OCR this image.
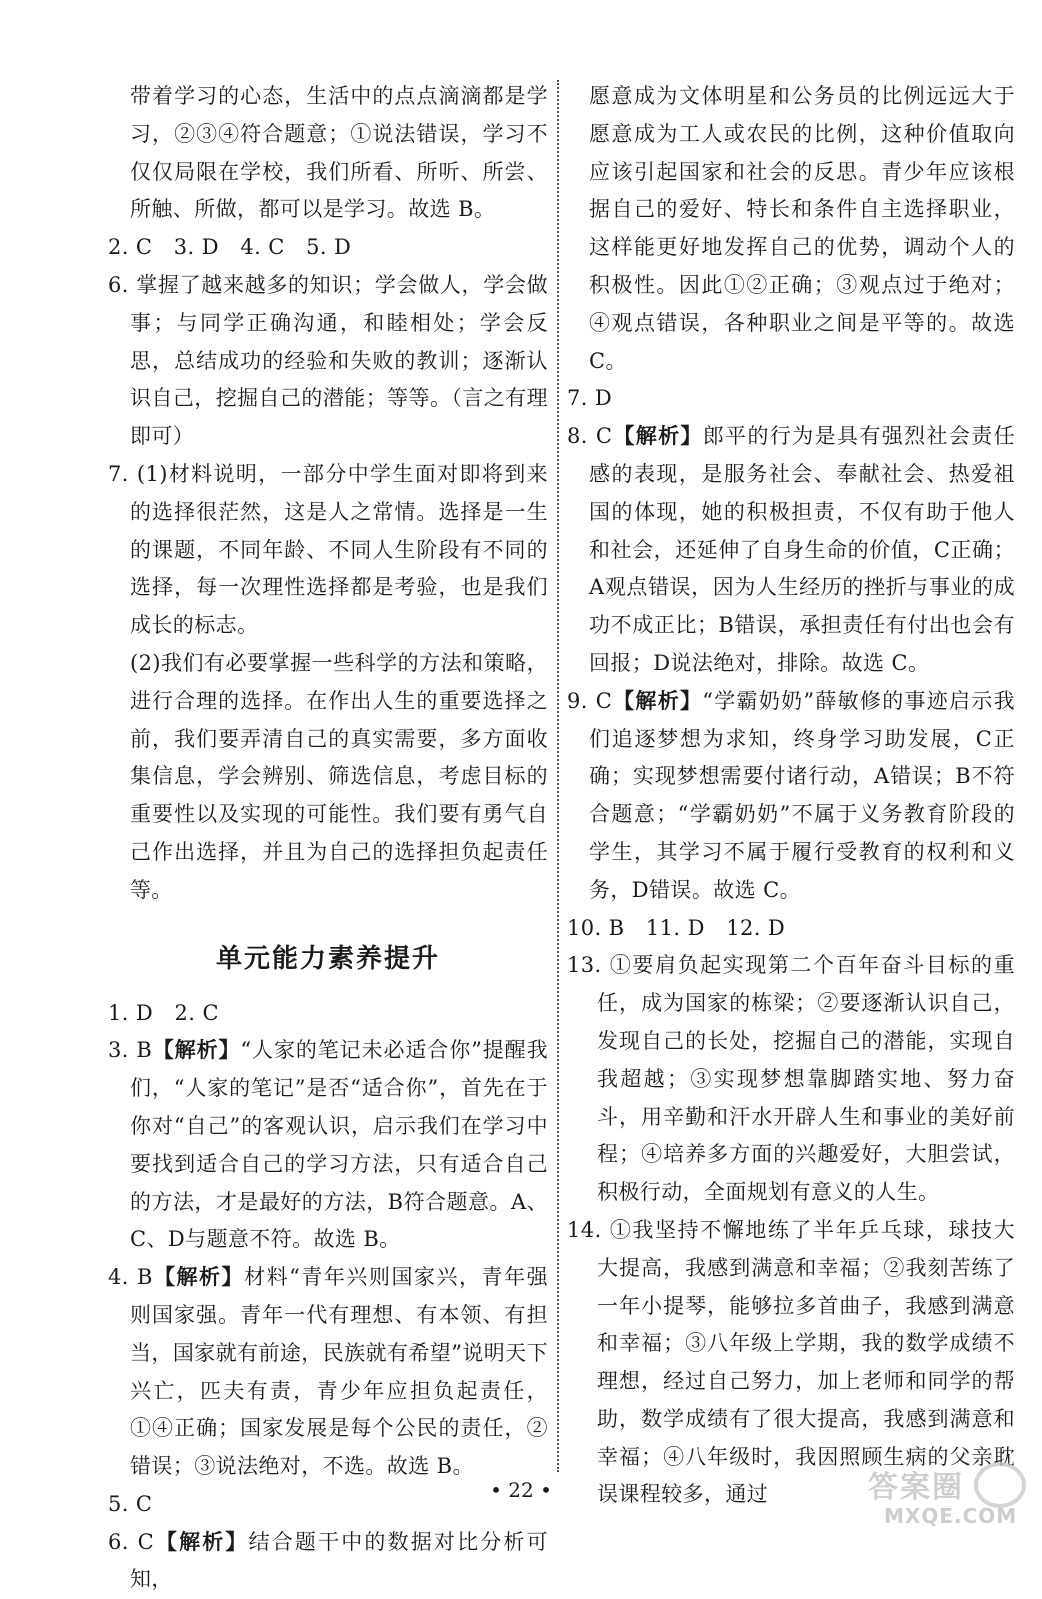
带着学习的心态，生活中的点点滴滴都是学习，②③④符合题意；①说法错误，学习不仅仅局限在学校，我们所看、所听、所尝、所触、所做，都可以是学习。故选 B。

2. C　3. D　4. C　5. D

6. 掌握了越来越多的知识；学会做人，学会做事；与同学正确沟通，和睦相处；学会反思，总结成功的经验和失败的教训；逐渐认识自己，挖掘自己的潜能；等等。（言之有理即可）

7. (1)材料说明，一部分中学生面对即将到来的选择很茫然，这是人之常情。选择是一生的课题，不同年龄、不同人生阶段有不同的选择，每一次理性选择都是考验，也是我们成长的标志。

(2)我们有必要掌握一些科学的方法和策略，进行合理的选择。在作出人生的重要选择之前，我们要弄清自己的真实需要，多方面收集信息，学会辨别、筛选信息，考虑目标的重要性以及实现的可能性。我们要有勇气自己作出选择，并且为自己的选择担负起责任等。

单元能力素养提升

1. D　2. C

3. B【解析】“人家的笔记未必适合你”提醒我们，“人家的笔记”是否“适合你”，首先在于你对“自己”的客观认识，启示我们在学习中要找到适合自己的学习方法，只有适合自己的方法，才是最好的方法，B符合题意。A、C、D与题意不符。故选 B。

4. B【解析】材料“青年兴则国家兴，青年强则国家强。青年一代有理想、有本领、有担当，国家就有前途，民族就有希望”说明天下兴亡，匹夫有责，青少年应担负起责任，①④正确；国家发展是每个公民的责任，②错误；③说法绝对，不选。故选 B。

5. C

6. C【解析】结合题干中的数据对比分析可知，

愿意成为文体明星和公务员的比例远远大于愿意成为工人或农民的比例，这种价值取向应该引起国家和社会的反思。青少年应该根据自己的爱好、特长和条件自主选择职业，这样能更好地发挥自己的优势，调动个人的积极性。因此①②正确；③观点过于绝对；④观点错误，各种职业之间是平等的。故选 C。

7. D

8. C【解析】郎平的行为是具有强烈社会责任感的表现，是服务社会、奉献社会、热爱祖国的体现，她的积极担责，不仅有助于他人和社会，还延伸了自身生命的价值，C正确；A观点错误，因为人生经历的挫折与事业的成功不成正比；B错误，承担责任有付出也会有回报；D说法绝对，排除。故选 C。

9. C【解析】“学霸奶奶”薛敏修的事迹启示我们追逐梦想为求知，终身学习助发展，C正确；实现梦想需要付诸行动，A错误；B不符合题意；“学霸奶奶”不属于义务教育阶段的学生，其学习不属于履行受教育的权利和义务，D错误。故选 C。

10. B　11. D　12. D

13. ①要肩负起实现第二个百年奋斗目标的重任，成为国家的栋梁；②要逐渐认识自己，发现自己的长处，挖掘自己的潜能，实现自我超越；③实现梦想靠脚踏实地、努力奋斗，用辛勤和汗水开辟人生和事业的美好前程；④培养多方面的兴趣爱好，大胆尝试，积极行动，全面规划有意义的人生。

14. ①我坚持不懈地练了半年乒乓球，球技大大提高，我感到满意和幸福；②我刻苦练了一年小提琴，能够拉多首曲子，我感到满意和幸福；③八年级上学期，我的数学成绩不理想，经过自己努力，加上老师和同学的帮助，数学成绩有了很大提高，我感到满意和幸福；④八年级时，我因照顾生病的父亲耽误课程较多，通过

• 22 •	答案圈
MXQE.COM
